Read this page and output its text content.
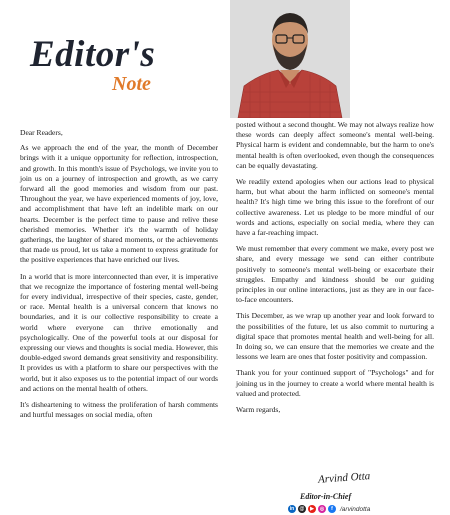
Editor's
Note
Dear Readers,

As we approach the end of the year, the month of December brings with it a unique opportunity for reflection, introspection, and growth. In this month's issue of Psychologs, we invite you to join us on a journey of introspection and growth, as we carry forward all the good memories and wisdom from our past. Throughout the year, we have experienced moments of joy, love, and accomplishment that have left an indelible mark on our hearts. December is the perfect time to pause and relive these cherished memories. Whether it's the warmth of holiday gatherings, the laughter of shared moments, or the achievements that made us proud, let us take a moment to express gratitude for the positive experiences that have enriched our lives.

In a world that is more interconnected than ever, it is imperative that we recognize the importance of fostering mental well-being for every individual, irrespective of their species, caste, gender, or race. Mental health is a universal concern that knows no boundaries, and it is our collective responsibility to create a world where everyone can thrive emotionally and psychologically. One of the powerful tools at our disposal for expressing our views and thoughts is social media. However, this double-edged sword demands great sensitivity and responsibility. It provides us with a platform to share our perspectives with the world, but it also exposes us to the potential impact of our words and actions on the mental health of others.

It's disheartening to witness the proliferation of harsh comments and hurtful messages on social media, often

posted without a second thought. We may not always realize how these words can deeply affect someone's mental well-being. Physical harm is evident and condemnable, but the harm to one's mental health is often overlooked, even though the consequences can be equally devastating.

We readily extend apologies when our actions lead to physical harm, but what about the harm inflicted on someone's mental health? It's high time we bring this issue to the forefront of our collective awareness. Let us pledge to be more mindful of our words and actions, especially on social media, where they can have a far-reaching impact.

We must remember that every comment we make, every post we share, and every message we send can either contribute positively to someone's mental well-being or exacerbate their struggles. Empathy and kindness should be our guiding principles in our online interactions, just as they are in our face-to-face encounters.

This December, as we wrap up another year and look forward to the possibilities of the future, let us also commit to nurturing a digital space that promotes mental health and well-being for all. In doing so, we can ensure that the memories we create and the lessons we learn are ones that foster positivity and compassion.

Thank you for your continued support of "Psychologs" and for joining us in the journey to create a world where mental health is valued and protected.

Warm regards,

Arvind Otta
Editor-in-Chief
in	@	▶	◎	f	/arvindotta
